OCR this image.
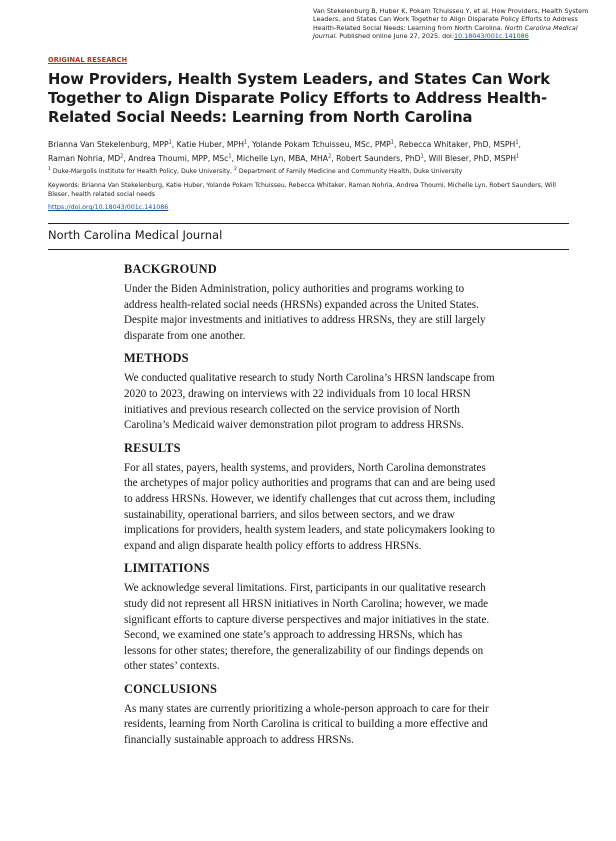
Van Stekelenburg B, Huber K, Pokam Tchuisseu Y, et al. How Providers, Health System Leaders, and States Can Work Together to Align Disparate Policy Efforts to Address Health-Related Social Needs: Learning from North Carolina. North Carolina Medical Journal. Published online June 27, 2025. doi:10.18043/001c.141086
ORIGINAL RESEARCH
How Providers, Health System Leaders, and States Can Work Together to Align Disparate Policy Efforts to Address Health-Related Social Needs: Learning from North Carolina
Brianna Van Stekelenburg, MPP$^1$, Katie Huber, MPH$^1$, Yolande Pokam Tchuisseu, MSc, PMP$^1$, Rebecca Whitaker, PhD, MSPH$^1$,
Raman Nohria, $MD^2$, Andrea Thoumi, MPP, MSc$^1$, Michelle Lyn, MBA, MHA$^2$, Robert Saunders, PhD$^1$, Will Bleser, PhD, MSPH$^1$
$^1$ Duke-Margolis Institute for Health Policy, Duke University, $^2$ Department of Family Medicine and Community Health, Duke University
Keywords: Brianna Van Stekelenburg, Katie Huber, Yolande Pokam Tchuisseu, Rebecca Whitaker, Raman Nohria, Andrea Thoumi, Michelle Lyn, Robert Saunders, Will Bleser, health related social needs
https://doi.org/10.18043/001c.141086
North Carolina Medical Journal
BACKGROUND

Under the Biden Administration, policy authorities and programs working to address health-related social needs (HRSNs) expanded across the United States. Despite major investments and initiatives to address HRSNs, they are still largely disparate from one another.

METHODS

We conducted qualitative research to study North Carolina’s HRSN landscape from 2020 to 2023, drawing on interviews with 22 individuals from 10 local HRSN initiatives and previous research collected on the service provision of North Carolina’s Medicaid waiver demonstration pilot program to address HRSNs.

RESULTS

For all states, payers, health systems, and providers, North Carolina demonstrates the archetypes of major policy authorities and programs that can and are being used to address HRSNs. However, we identify challenges that cut across them, including sustainability, operational barriers, and silos between sectors, and we draw implications for providers, health system leaders, and state policymakers looking to expand and align disparate health policy efforts to address HRSNs.

LIMITATIONS

We acknowledge several limitations. First, participants in our qualitative research study did not represent all HRSN initiatives in North Carolina; however, we made significant efforts to capture diverse perspectives and major initiatives in the state. Second, we examined one state’s approach to addressing HRSNs, which has lessons for other states; therefore, the generalizability of our findings depends on other states’ contexts.

CONCLUSIONS

As many states are currently prioritizing a whole-person approach to care for their residents, learning from North Carolina is critical to building a more effective and financially sustainable approach to address HRSNs.
